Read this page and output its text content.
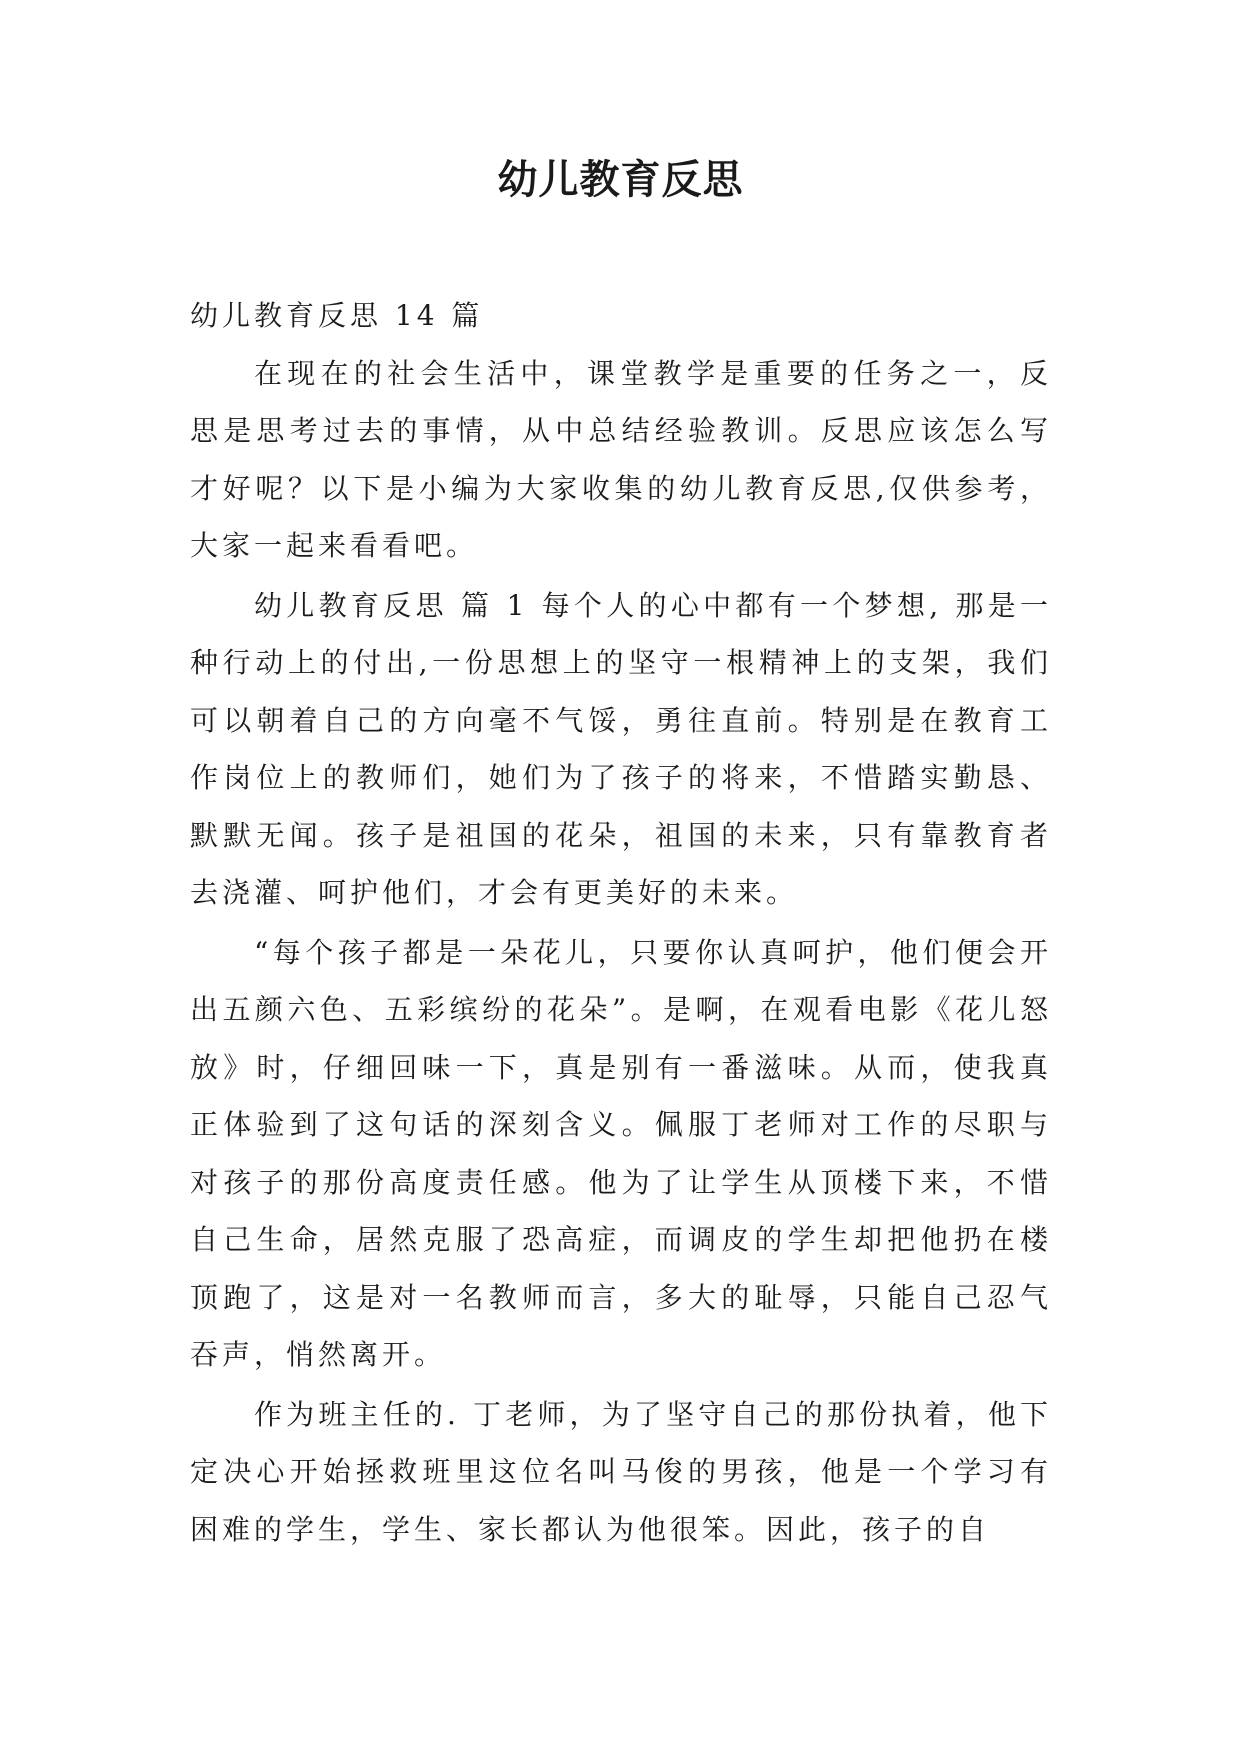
幼儿教育反思

幼儿教育反思 14 篇

在现在的社会生活中，课堂教学是重要的任务之一，反思是思考过去的事情，从中总结经验教训。反思应该怎么写才好呢？以下是小编为大家收集的幼儿教育反思,仅供参考，大家一起来看看吧。

幼儿教育反思 篇 1 每个人的心中都有一个梦想, 那是一种行动上的付出,一份思想上的坚守一根精神上的支架，我们可以朝着自己的方向毫不气馁，勇往直前。特别是在教育工作岗位上的教师们，她们为了孩子的将来，不惜踏实勤恳、默默无闻。孩子是祖国的花朵，祖国的未来，只有靠教育者去浇灌、呵护他们，才会有更美好的未来。

“每个孩子都是一朵花儿，只要你认真呵护，他们便会开出五颜六色、五彩缤纷的花朵”。是啊，在观看电影《花儿怒放》时，仔细回味一下，真是别有一番滋味。从而，使我真正体验到了这句话的深刻含义。佩服丁老师对工作的尽职与对孩子的那份高度责任感。他为了让学生从顶楼下来，不惜自己生命，居然克服了恐高症，而调皮的学生却把他扔在楼顶跑了，这是对一名教师而言，多大的耻辱，只能自己忍气吞声，悄然离开。

作为班主任的. 丁老师，为了坚守自己的那份执着，他下定决心开始拯救班里这位名叫马俊的男孩，他是一个学习有困难的学生，学生、家长都认为他很笨。因此，孩子的自
